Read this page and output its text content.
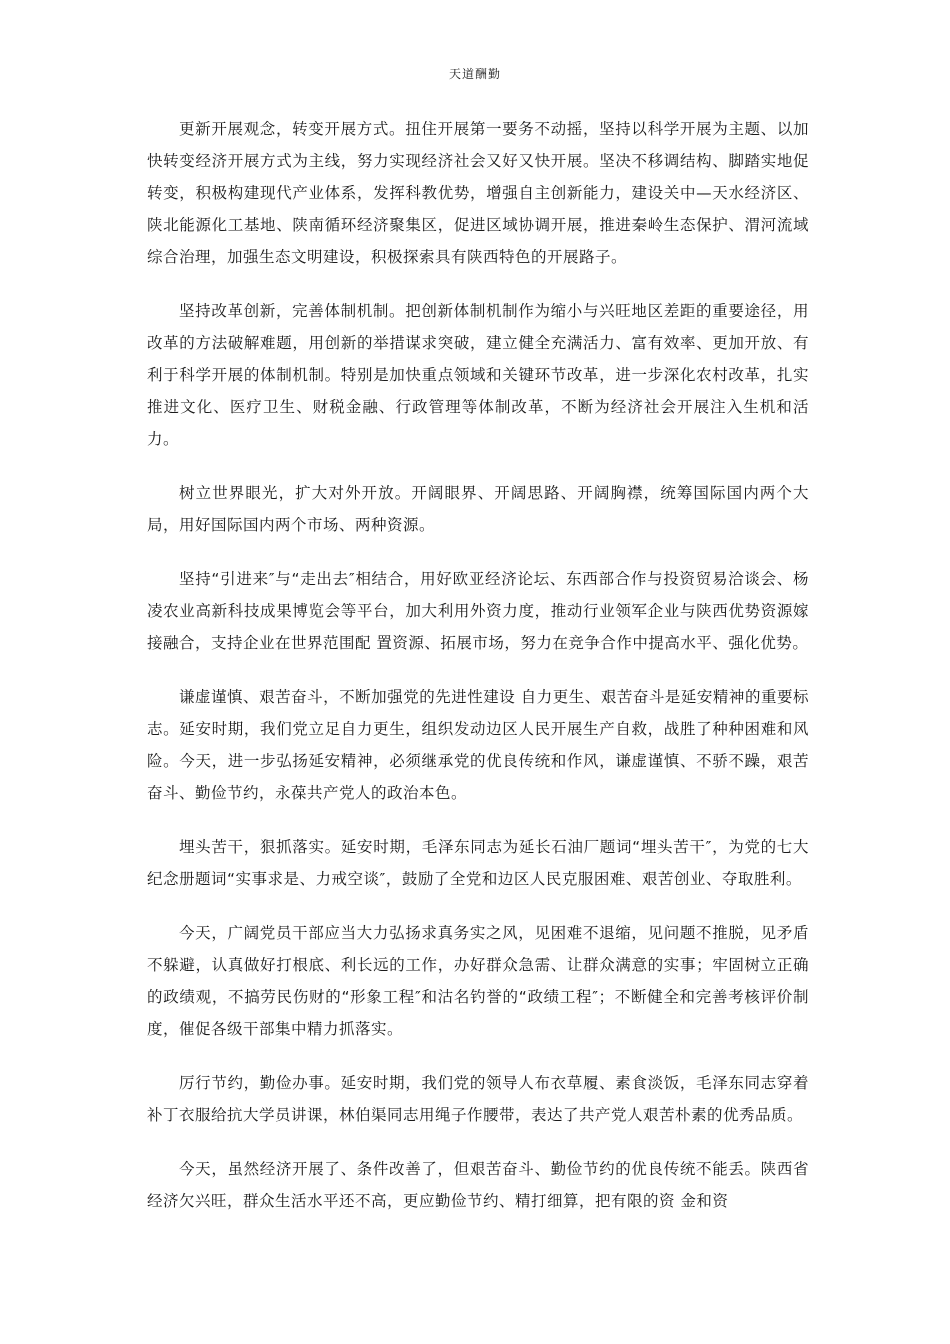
天道酬勤

更新开展观念，转变开展方式。扭住开展第一要务不动摇，坚持以科学开展为主题、以加快转变经济开展方式为主线，努力实现经济社会又好又快开展。坚决不移调结构、脚踏实地促转变，积极构建现代产业体系，发挥科教优势，增强自主创新能力，建设关中—天水经济区、陕北能源化工基地、陕南循环经济聚集区，促进区域协调开展，推进秦岭生态保护、渭河流域综合治理，加强生态文明建设，积极探索具有陕西特色的开展路子。

坚持改革创新，完善体制机制。把创新体制机制作为缩小与兴旺地区差距的重要途径，用改革的方法破解难题，用创新的举措谋求突破，建立健全充满活力、富有效率、更加开放、有利于科学开展的体制机制。特别是加快重点领域和关键环节改革，进一步深化农村改革，扎实推进文化、医疗卫生、财税金融、行政管理等体制改革，不断为经济社会开展注入生机和活力。

树立世界眼光，扩大对外开放。开阔眼界、开阔思路、开阔胸襟，统筹国际国内两个大局，用好国际国内两个市场、两种资源。

坚持“引进来″与“走出去″相结合，用好欧亚经济论坛、东西部合作与投资贸易洽谈会、杨凌农业高新科技成果博览会等平台，加大利用外资力度，推动行业领军企业与陕西优势资源嫁接融合，支持企业在世界范围配 置资源、拓展市场，努力在竞争合作中提高水平、强化优势。

谦虚谨慎、艰苦奋斗，不断加强党的先进性建设 自力更生、艰苦奋斗是延安精神的重要标志。延安时期，我们党立足自力更生，组织发动边区人民开展生产自救，战胜了种种困难和风险。今天，进一步弘扬延安精神，必须继承党的优良传统和作风，谦虚谨慎、不骄不躁，艰苦奋斗、勤俭节约，永葆共产党人的政治本色。

埋头苦干，狠抓落实。延安时期，毛泽东同志为延长石油厂题词“埋头苦干″，为党的七大纪念册题词“实事求是、力戒空谈″，鼓励了全党和边区人民克服困难、艰苦创业、夺取胜利。

今天，广阔党员干部应当大力弘扬求真务实之风，见困难不退缩，见问题不推脱，见矛盾不躲避，认真做好打根底、利长远的工作，办好群众急需、让群众满意的实事；牢固树立正确的政绩观，不搞劳民伤财的“形象工程″和沽名钓誉的“政绩工程″；不断健全和完善考核评价制度，催促各级干部集中精力抓落实。

厉行节约，勤俭办事。延安时期，我们党的领导人布衣草履、素食淡饭，毛泽东同志穿着补丁衣服给抗大学员讲课，林伯渠同志用绳子作腰带，表达了共产党人艰苦朴素的优秀品质。

今天，虽然经济开展了、条件改善了，但艰苦奋斗、勤俭节约的优良传统不能丢。陕西省经济欠兴旺，群众生活水平还不高，更应勤俭节约、精打细算，把有限的资 金和资
